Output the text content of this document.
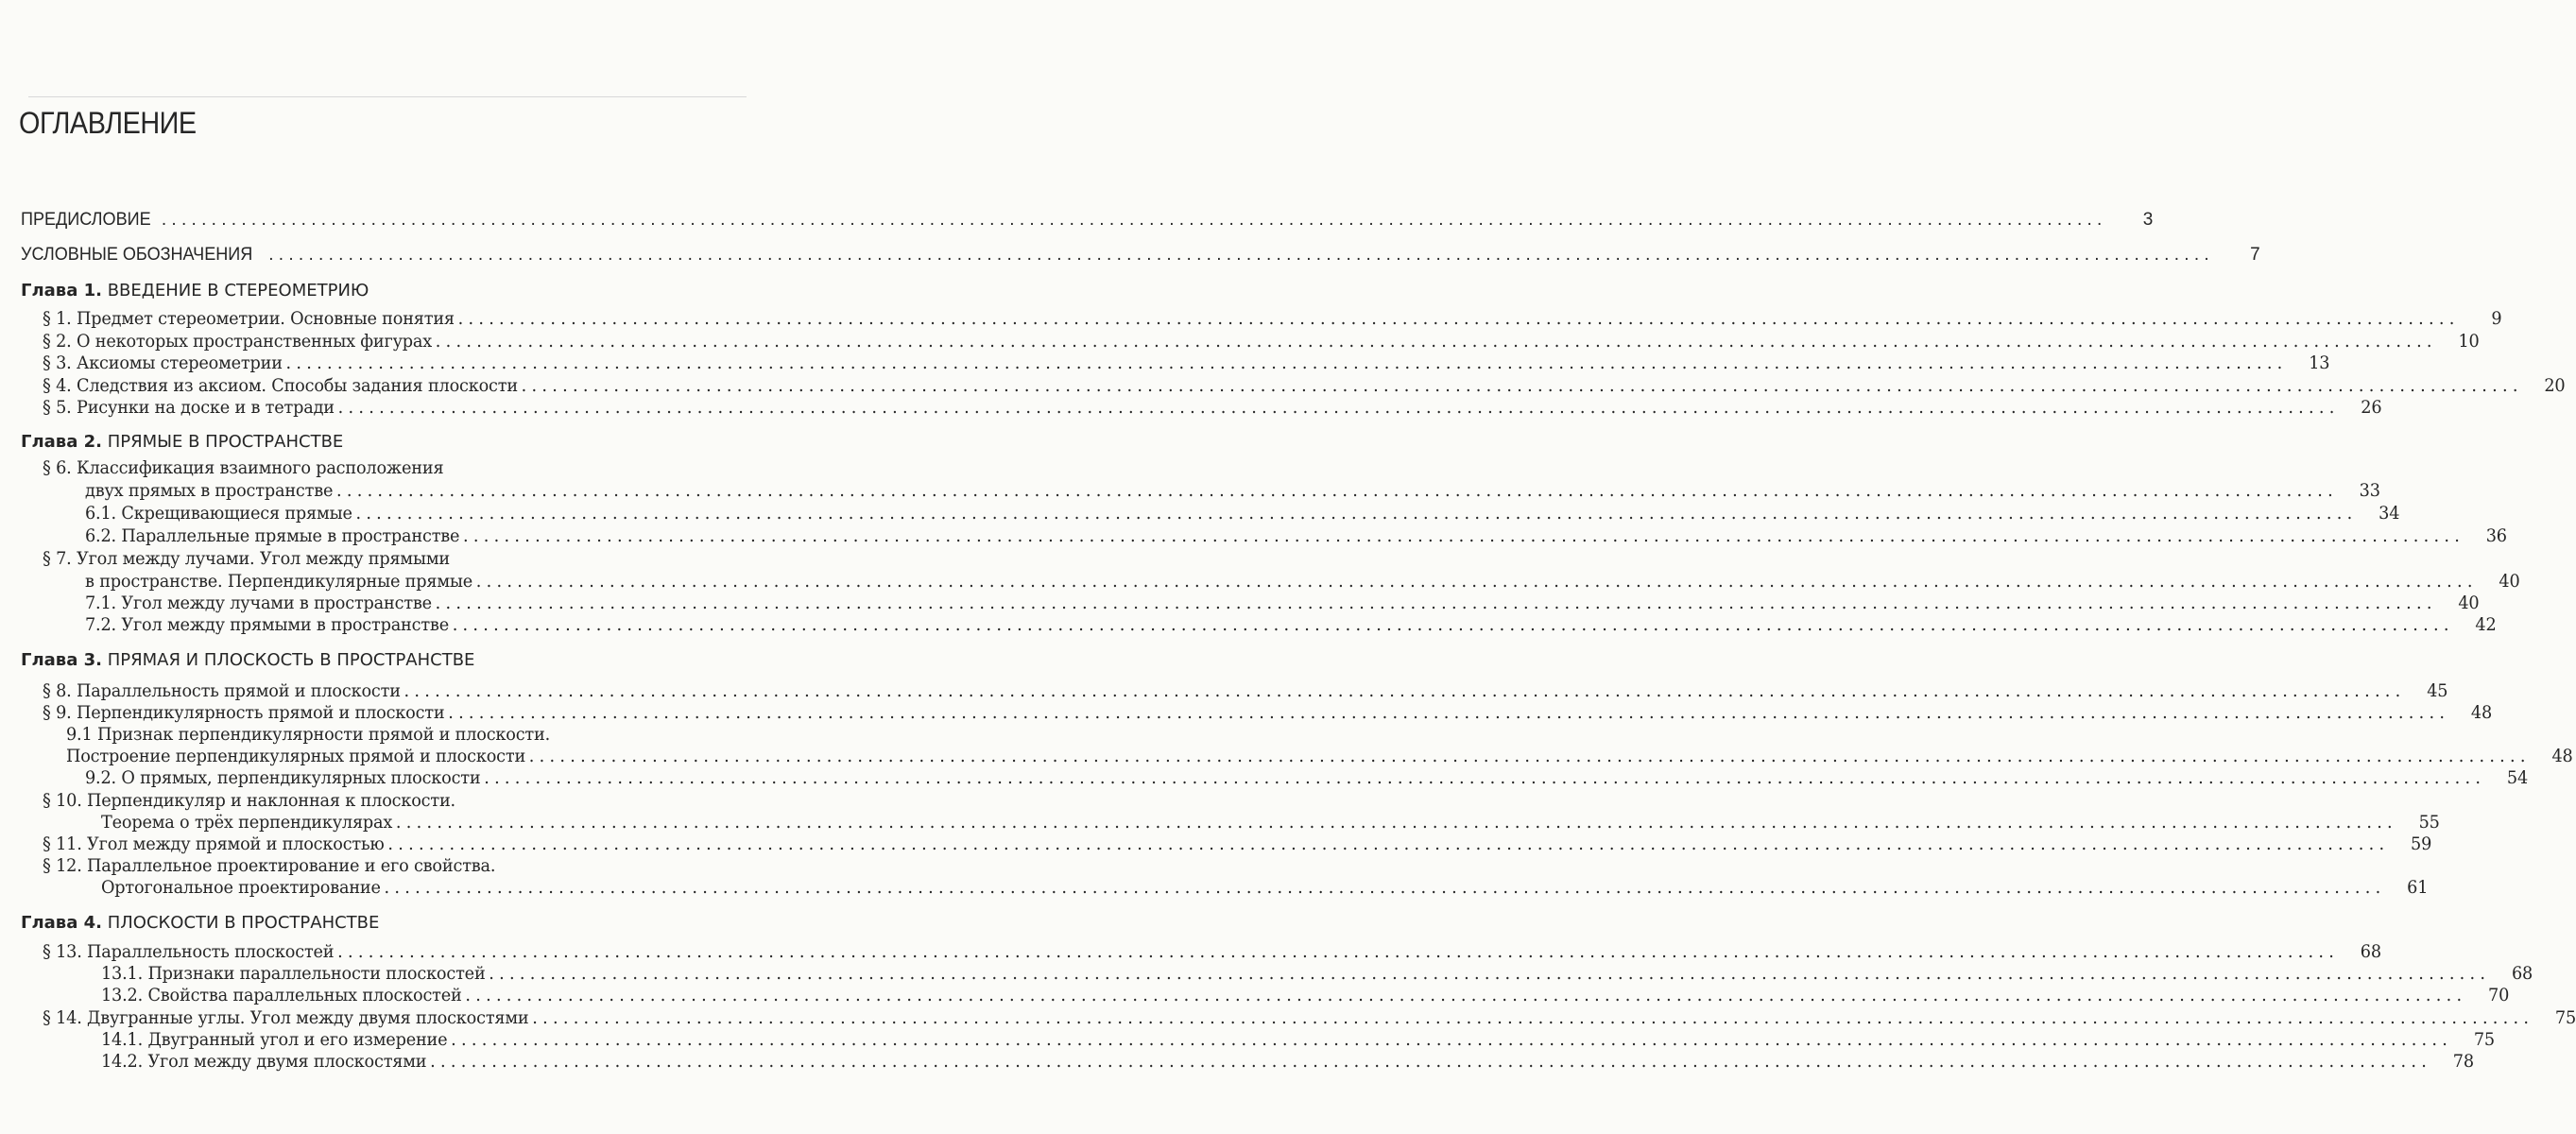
ОГЛАВЛЕНИЕ
ПРЕДИСЛОВИЕ . . .	3
УСЛОВНЫЕ ОБОЗНАЧЕНИЯ . . .	7
Глава 1. ВВЕДЕНИЕ В СТЕРЕОМЕТРИЮ
Глава 2. ПРЯМЫЕ В ПРОСТРАНСТВЕ
Глава 3. ПРЯМАЯ И ПЛОСКОСТЬ В ПРОСТРАНСТВЕ
Глава 4. ПЛОСКОСТИ В ПРОСТРАНСТВЕ
§ 1. Предмет стереометрии. Основные понятия . . .	9
§ 2. О некоторых пространственных фигурах . . .	10
§ 3. Аксиомы стереометрии . . .	13
§ 4. Следствия из аксиом. Способы задания плоскости . . .	20
§ 5. Рисунки на доске и в тетради . . .	26
§ 6. Классификация взаимного расположения
двух прямых в пространстве . . .	33
6.1. Скрещивающиеся прямые . . .	34
6.2. Параллельные прямые в пространстве . . .	36
§ 7. Угол между лучами. Угол между прямыми
в пространстве. Перпендикулярные прямые . . .	40
7.1. Угол между лучами в пространстве . . .	40
7.2. Угол между прямыми в пространстве . . .	42
§ 8. Параллельность прямой и плоскости . . .	45
§ 9. Перпендикулярность прямой и плоскости . . .	48
9.1 Признак перпендикулярности прямой и плоскости.
Построение перпендикулярных прямой и плоскости . . .	48
9.2. О прямых, перпендикулярных плоскости . . .	54
§ 10. Перпендикуляр и наклонная к плоскости.
Теорема о трёх перпендикулярах . . .	55
§ 11. Угол между прямой и плоскостью . . .	59
§ 12. Параллельное проектирование и его свойства.
Ортогональное проектирование . . .	61
§ 13. Параллельность плоскостей . . .	68
13.1. Признаки параллельности плоскостей . . .	68
13.2. Свойства параллельных плоскостей . . .	70
§ 14. Двугранные углы. Угол между двумя плоскостями . . .	75
14.1. Двугранный угол и его измерение . . .	75
14.2. Угол между двумя плоскостями . . .	78
